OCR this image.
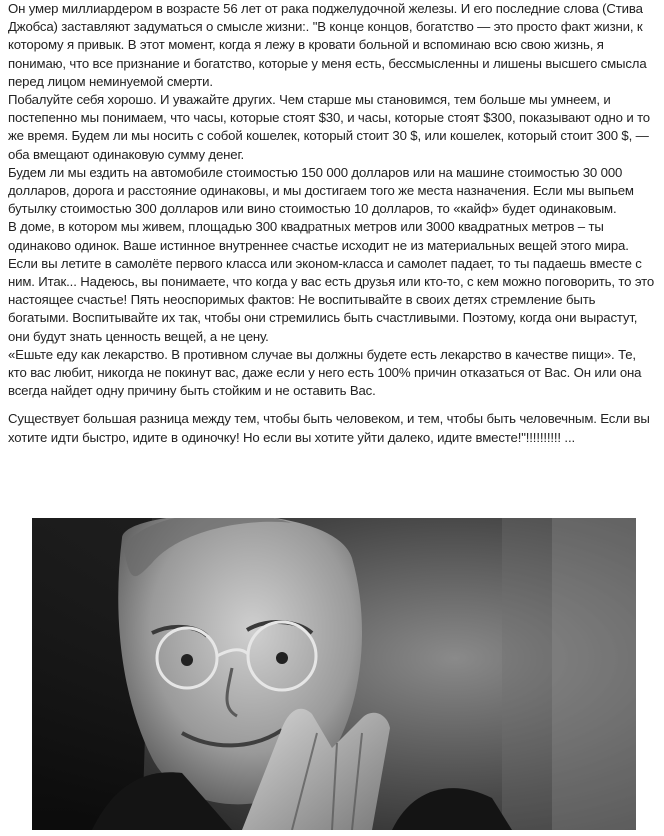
Он умер миллиардером в возрасте 56 лет от рака поджелудочной железы. И его последние слова (Стива Джобса) заставляют задуматься о смысле жизни:. "В конце концов, богатство — это просто факт жизни, к которому я привык. В этот момент, когда я лежу в кровати больной и вспоминаю всю свою жизнь, я понимаю, что все признание и богатство, которые у меня есть, бессмысленны и лишены высшего смысла перед лицом неминуемой смерти.

Побалуйте себя хорошо. И уважайте других. Чем старше мы становимся, тем больше мы умнеем, и постепенно мы понимаем, что часы, которые стоят $30, и часы, которые стоят $300, показывают одно и то же время. Будем ли мы носить с собой кошелек, который стоит 30 $, или кошелек, который стоит 300 $, — оба вмещают одинаковую сумму денег.

Будем ли мы ездить на автомобиле стоимостью 150 000 долларов или на машине стоимостью 30 000 долларов, дорога и расстояние одинаковы, и мы достигаем того же места назначения. Если мы выпьем бутылку стоимостью 300 долларов или вино стоимостью 10 долларов, то «кайф» будет одинаковым.

В доме, в котором мы живем, площадью 300 квадратных метров или 3000 квадратных метров – ты одинаково одинок. Ваше истинное внутреннее счастье исходит не из материальных вещей этого мира.

Если вы летите в самолёте первого класса или эконом-класса и самолет падает, то ты падаешь вместе с ним. Итак... Надеюсь, вы понимаете, что когда у вас есть друзья или кто-то, с кем можно поговорить, то это настоящее счастье! Пять неоспоримых фактов: Не воспитывайте в своих детях стремление быть богатыми. Воспитывайте их так, чтобы они стремились быть счастливыми. Поэтому, когда они вырастут, они будут знать ценность вещей, а не цену.

«Ешьте еду как лекарство. В противном случае вы должны будете есть лекарство в качестве пищи». Те, кто вас любит, никогда не покинут вас, даже если у него есть 100% причин отказаться от Вас. Он или она всегда найдет одну причину быть стойким и не оставить Вас.

Существует большая разница между тем, чтобы быть человеком, и тем, чтобы быть человечным. Если вы хотите идти быстро, идите в одиночку! Но если вы хотите уйти далеко, идите вместе!"!!!!!!!!!! ...
